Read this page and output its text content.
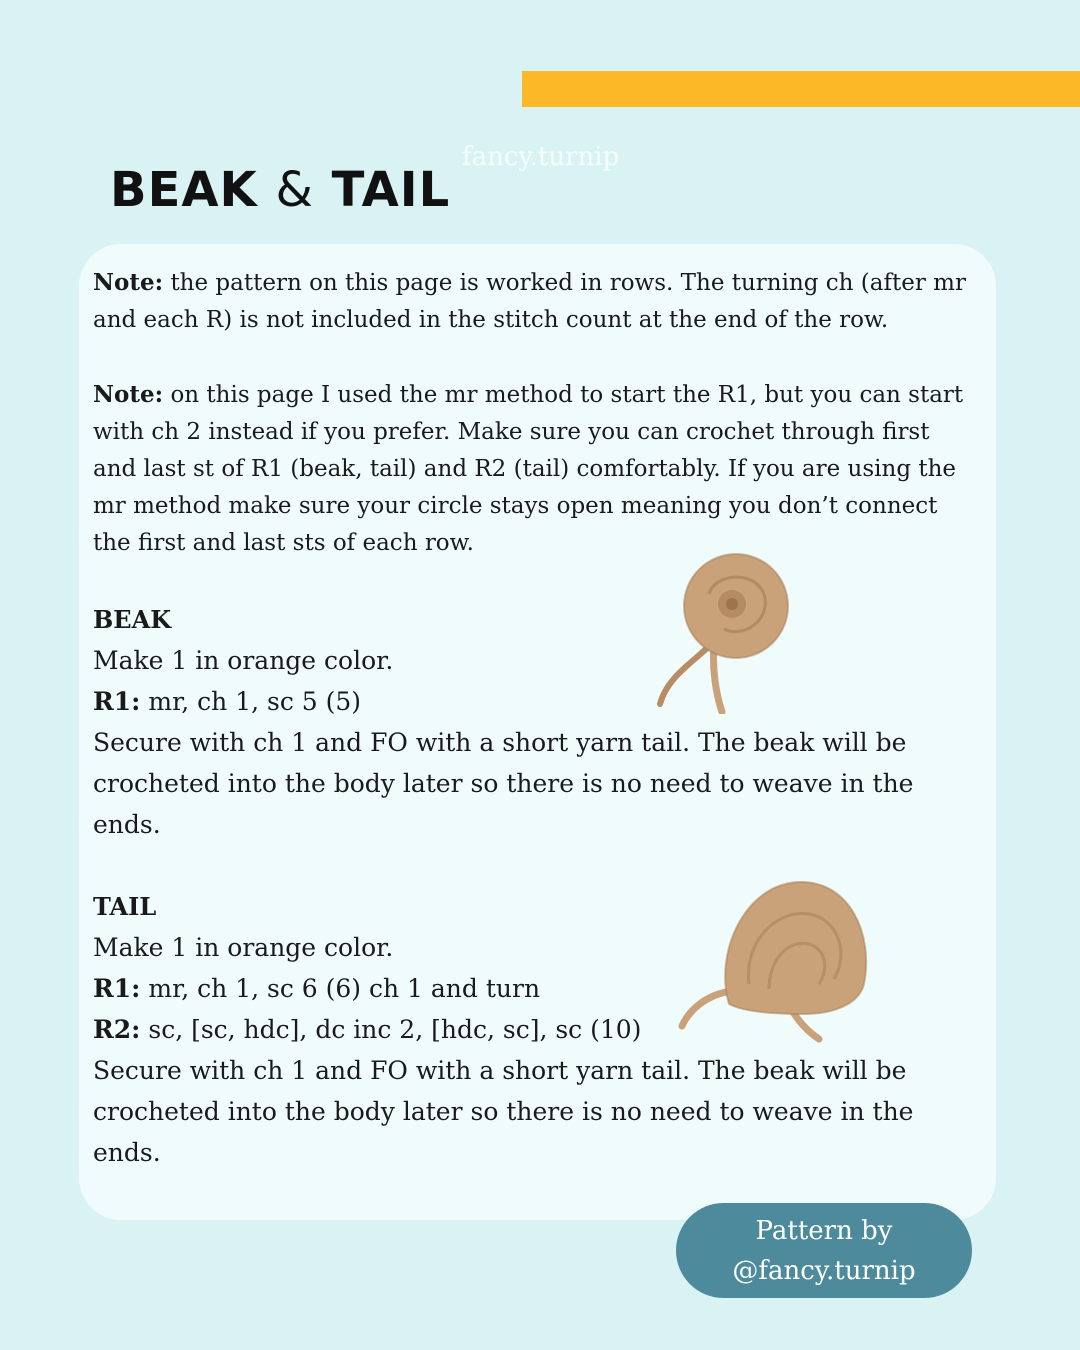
fancy.turnip
BEAK & TAIL

Note: the pattern on this page is worked in rows. The turning ch (after mr and each R) is not included in the stitch count at the end of the row.

Note: on this page I used the mr method to start the R1, but you can start with ch 2 instead if you prefer. Make sure you can crochet through first and last st of R1 (beak, tail) and R2 (tail) comfortably. If you are using the mr method make sure your circle stays open meaning you don’t connect the first and last sts of each row.

BEAK
Make 1 in orange color.
R1: mr, ch 1, sc 5 (5)
Secure with ch 1 and FO with a short yarn tail. The beak will be crocheted into the body later so there is no need to weave in the ends.
TAIL
Make 1 in orange color.
R1: mr, ch 1, sc 6 (6) ch 1 and turn
R2: sc, [sc, hdc], dc inc 2, [hdc, sc], sc (10)
Secure with ch 1 and FO with a short yarn tail. The beak will be crocheted into the body later so there is no need to weave in the ends.
Pattern by
@fancy.turnip
